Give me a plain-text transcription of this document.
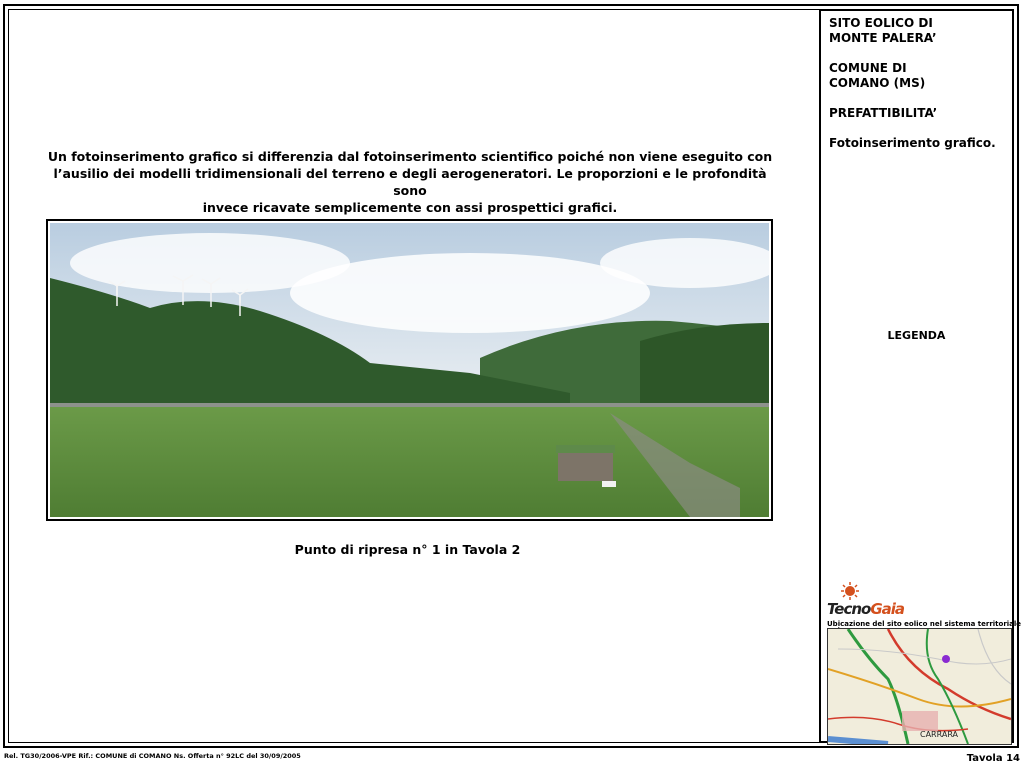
Un fotoinserimento grafico si differenzia dal fotoinserimento scientifico poiché non viene eseguito con
l’ausilio dei modelli tridimensionali del terreno e degli aerogeneratori. Le proporzioni e le profondità sono
invece ricavate semplicemente con assi prospettici grafici.
Punto di ripresa n° 1 in Tavola 2

SITO EOLICO DI
MONTE PALERA’

COMUNE DI
COMANO (MS)

PREFATTIBILITA’

Fotoinserimento grafico.

LEGENDA
TecnoGaia
Ubicazione del sito eolico nel sistema territoriale
CARRARA
Rel. TG30/2006-VPE Rif.: COMUNE di COMANO Ns. Offerta n° 92LC del 30/09/2005	Tavola 14
